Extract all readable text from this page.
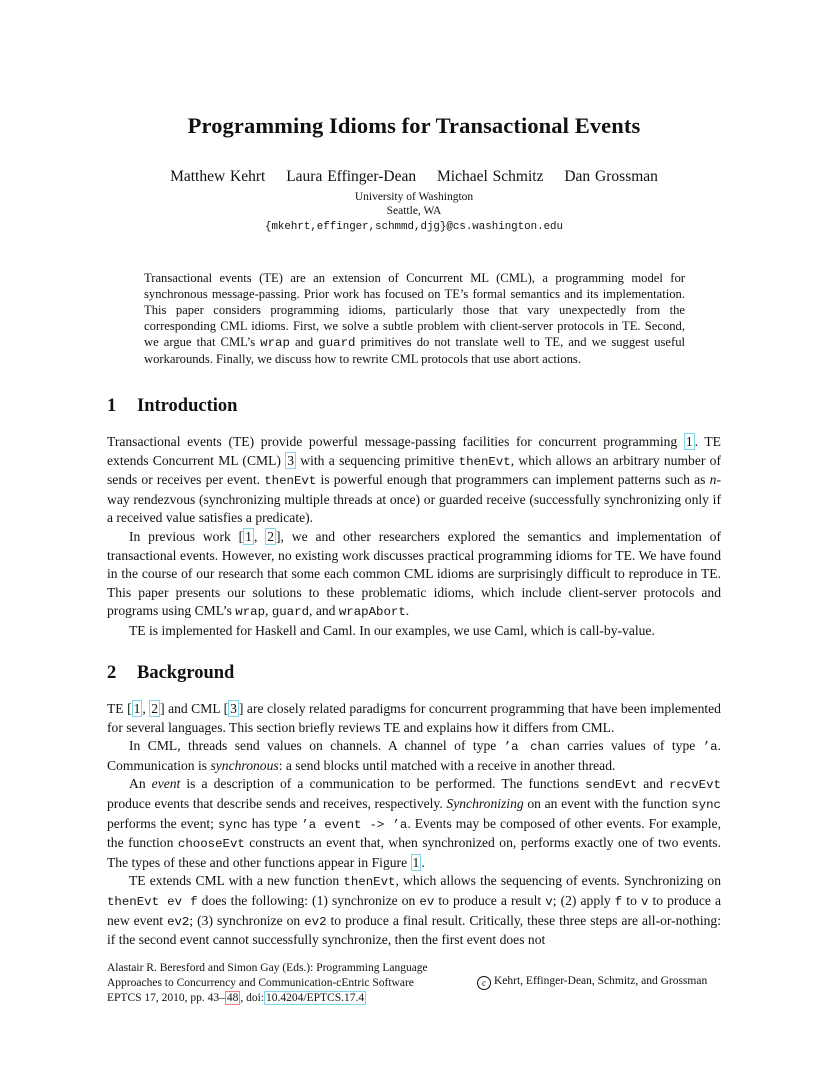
Programming Idioms for Transactional Events
Matthew Kehrt Laura Effinger-Dean Michael Schmitz Dan Grossman
University of Washington
Seattle, WA
{mkehrt,effinger,schmmd,djg}@cs.washington.edu
Transactional events (TE) are an extension of Concurrent ML (CML), a programming model for synchronous message-passing. Prior work has focused on TE’s formal semantics and its implementation. This paper considers programming idioms, particularly those that vary unexpectedly from the corresponding CML idioms. First, we solve a subtle problem with client-server protocols in TE. Second, we argue that CML’s wrap and guard primitives do not translate well to TE, and we suggest useful workarounds. Finally, we discuss how to rewrite CML protocols that use abort actions.
1 Introduction

Transactional events (TE) provide powerful message-passing facilities for concurrent programming 1 . TE extends Concurrent ML (CML) 3 with a sequencing primitive thenEvt, which allows an arbitrary number of sends or receives per event. thenEvt is powerful enough that programmers can implement patterns such as n-way rendezvous (synchronizing multiple threads at once) or guarded receive (successfully synchronizing only if a received value satisfies a predicate).

In previous work [ 1 , 2 ], we and other researchers explored the semantics and implementation of transactional events. However, no existing work discusses practical programming idioms for TE. We have found in the course of our research that some each common CML idioms are surprisingly difficult to reproduce in TE. This paper presents our solutions to these problematic idioms, which include client-server protocols and programs using CML’s wrap, guard, and wrapAbort.

TE is implemented for Haskell and Caml. In our examples, we use Caml, which is call-by-value.

2 Background

TE [ 1 , 2 ] and CML [ 3 ] are closely related paradigms for concurrent programming that have been implemented for several languages. This section briefly reviews TE and explains how it differs from CML.

In CML, threads send values on channels. A channel of type ’a chan carries values of type ’a. Communication is synchronous: a send blocks until matched with a receive in another thread.

An event is a description of a communication to be performed. The functions sendEvt and recvEvt produce events that describe sends and receives, respectively. Synchronizing on an event with the function sync performs the event; sync has type ’a event -> ’a. Events may be composed of other events. For example, the function chooseEvt constructs an event that, when synchronized on, performs exactly one of two events. The types of these and other functions appear in Figure 1 .

TE extends CML with a new function thenEvt, which allows the sequencing of events. Synchronizing on thenEvt ev f does the following: (1) synchronize on ev to produce a result v; (2) apply f to v to produce a new event ev2; (3) synchronize on ev2 to produce a final result. Critically, these three steps are all-or-nothing: if the second event cannot successfully synchronize, then the first event does not

Alastair R. Beresford and Simon Gay (Eds.): Programming Language
Approaches to Concurrency and Communication-cEntric Software
EPTCS 17, 2010, pp. 43– 48 , doi: 10.4204/EPTCS.17.4
c Kehrt, Effinger-Dean, Schmitz, and Grossman
